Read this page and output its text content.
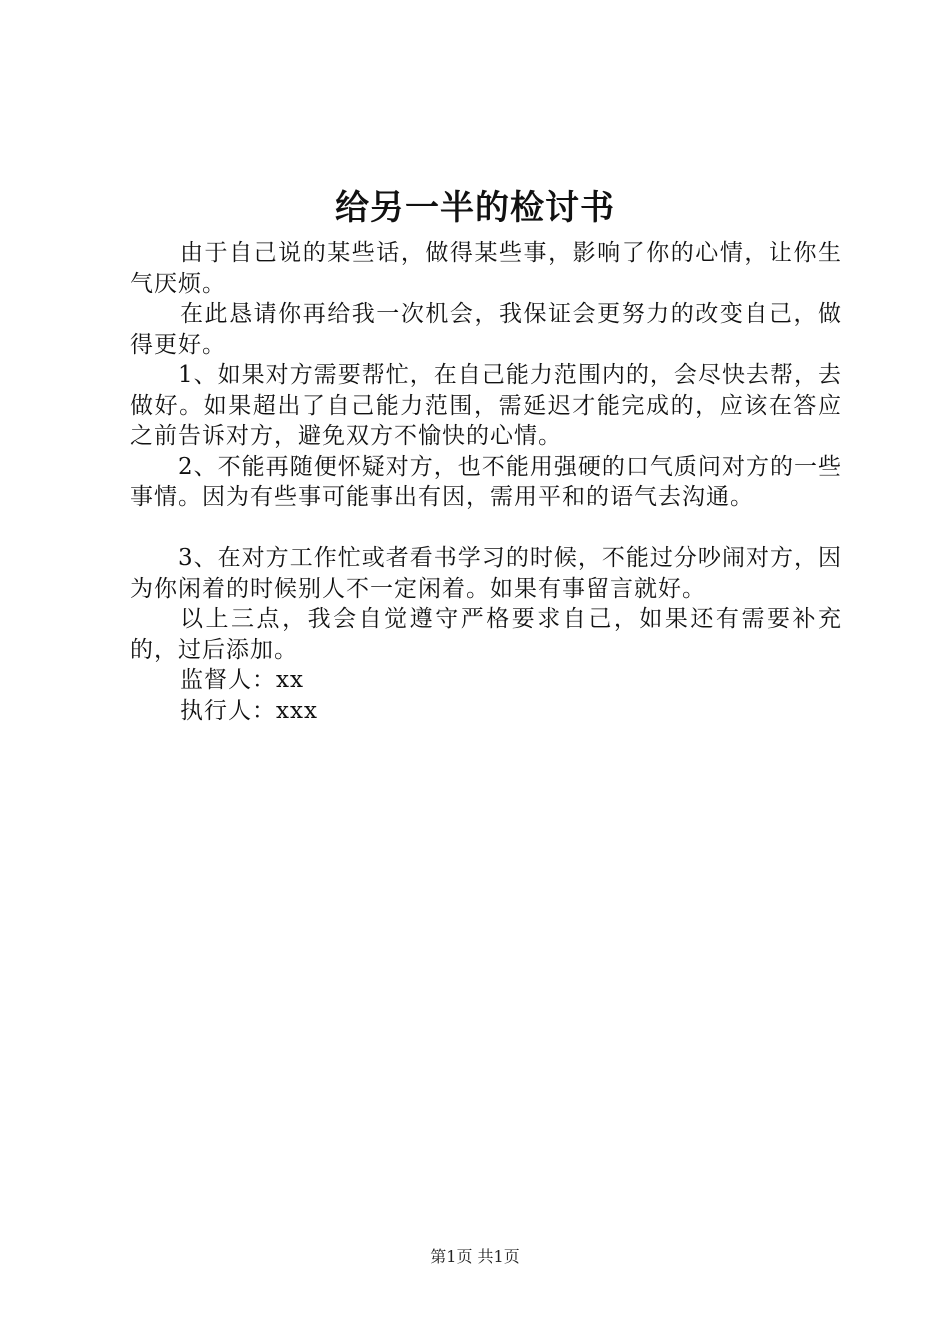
给另一半的检讨书

由于自己说的某些话，做得某些事，影响了你的心情，让你生气厌烦。

在此恳请你再给我一次机会，我保证会更努力的改变自己，做得更好。

1、如果对方需要帮忙，在自己能力范围内的，会尽快去帮，去做好。如果超出了自己能力范围，需延迟才能完成的，应该在答应之前告诉对方，避免双方不愉快的心情。

2、不能再随便怀疑对方，也不能用强硬的口气质问对方的一些事情。因为有些事可能事出有因，需用平和的语气去沟通。

3、在对方工作忙或者看书学习的时候，不能过分吵闹对方，因为你闲着的时候别人不一定闲着。如果有事留言就好。

以上三点，我会自觉遵守严格要求自己，如果还有需要补充的，过后添加。

监督人：xx

执行人：xxx

第1页 共1页
